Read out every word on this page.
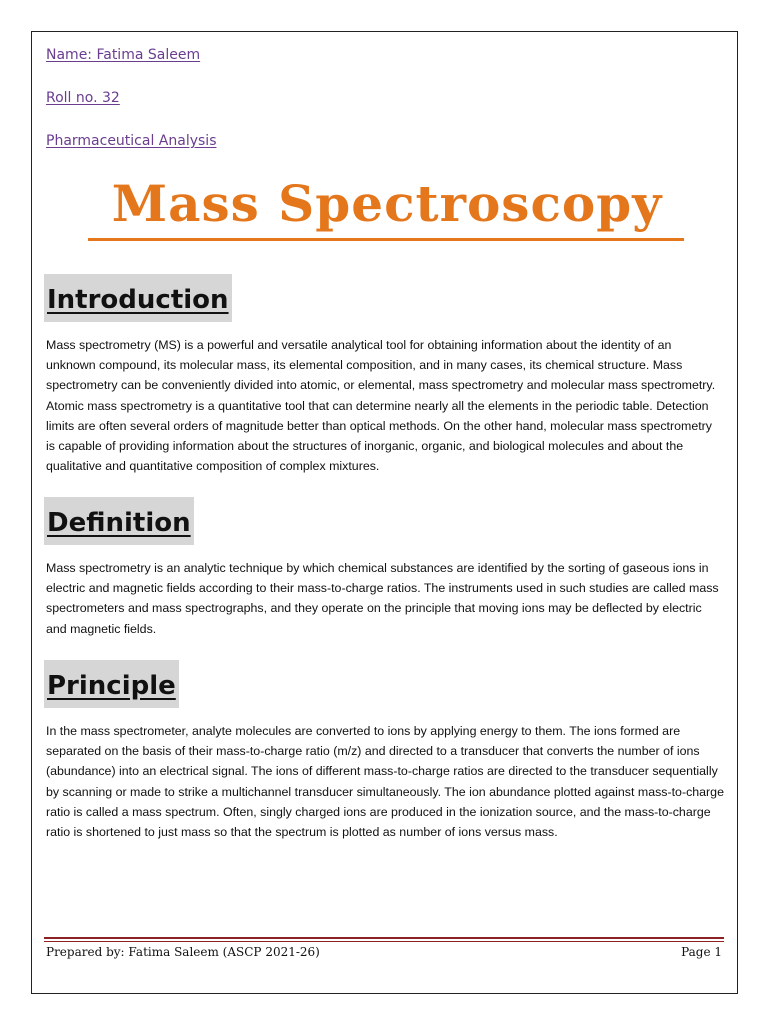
Name: Fatima Saleem
Roll no. 32
Pharmaceutical Analysis
Mass Spectroscopy
Introduction
Mass spectrometry (MS) is a powerful and versatile analytical tool for obtaining information about the identity of an unknown compound, its molecular mass, its elemental composition, and in many cases, its chemical structure. Mass spectrometry can be conveniently divided into atomic, or elemental, mass spectrometry and molecular mass spectrometry. Atomic mass spectrometry is a quantitative tool that can determine nearly all the elements in the periodic table. Detection limits are often several orders of magnitude better than optical methods. On the other hand, molecular mass spectrometry is capable of providing information about the structures of inorganic, organic, and biological molecules and about the qualitative and quantitative composition of complex mixtures.
Definition
Mass spectrometry is an analytic technique by which chemical substances are identified by the sorting of gaseous ions in electric and magnetic fields according to their mass-to-charge ratios. The instruments used in such studies are called mass spectrometers and mass spectrographs, and they operate on the principle that moving ions may be deflected by electric and magnetic fields.
Principle
In the mass spectrometer, analyte molecules are converted to ions by applying energy to them. The ions formed are separated on the basis of their mass-to-charge ratio (m/z) and directed to a transducer that converts the number of ions (abundance) into an electrical signal. The ions of different mass-to-charge ratios are directed to the transducer sequentially by scanning or made to strike a multichannel transducer simultaneously. The ion abundance plotted against mass-to-charge ratio is called a mass spectrum. Often, singly charged ions are produced in the ionization source, and the mass-to-charge ratio is shortened to just mass so that the spectrum is plotted as number of ions versus mass.
Prepared by: Fatima Saleem (ASCP 2021-26)	Page 1
